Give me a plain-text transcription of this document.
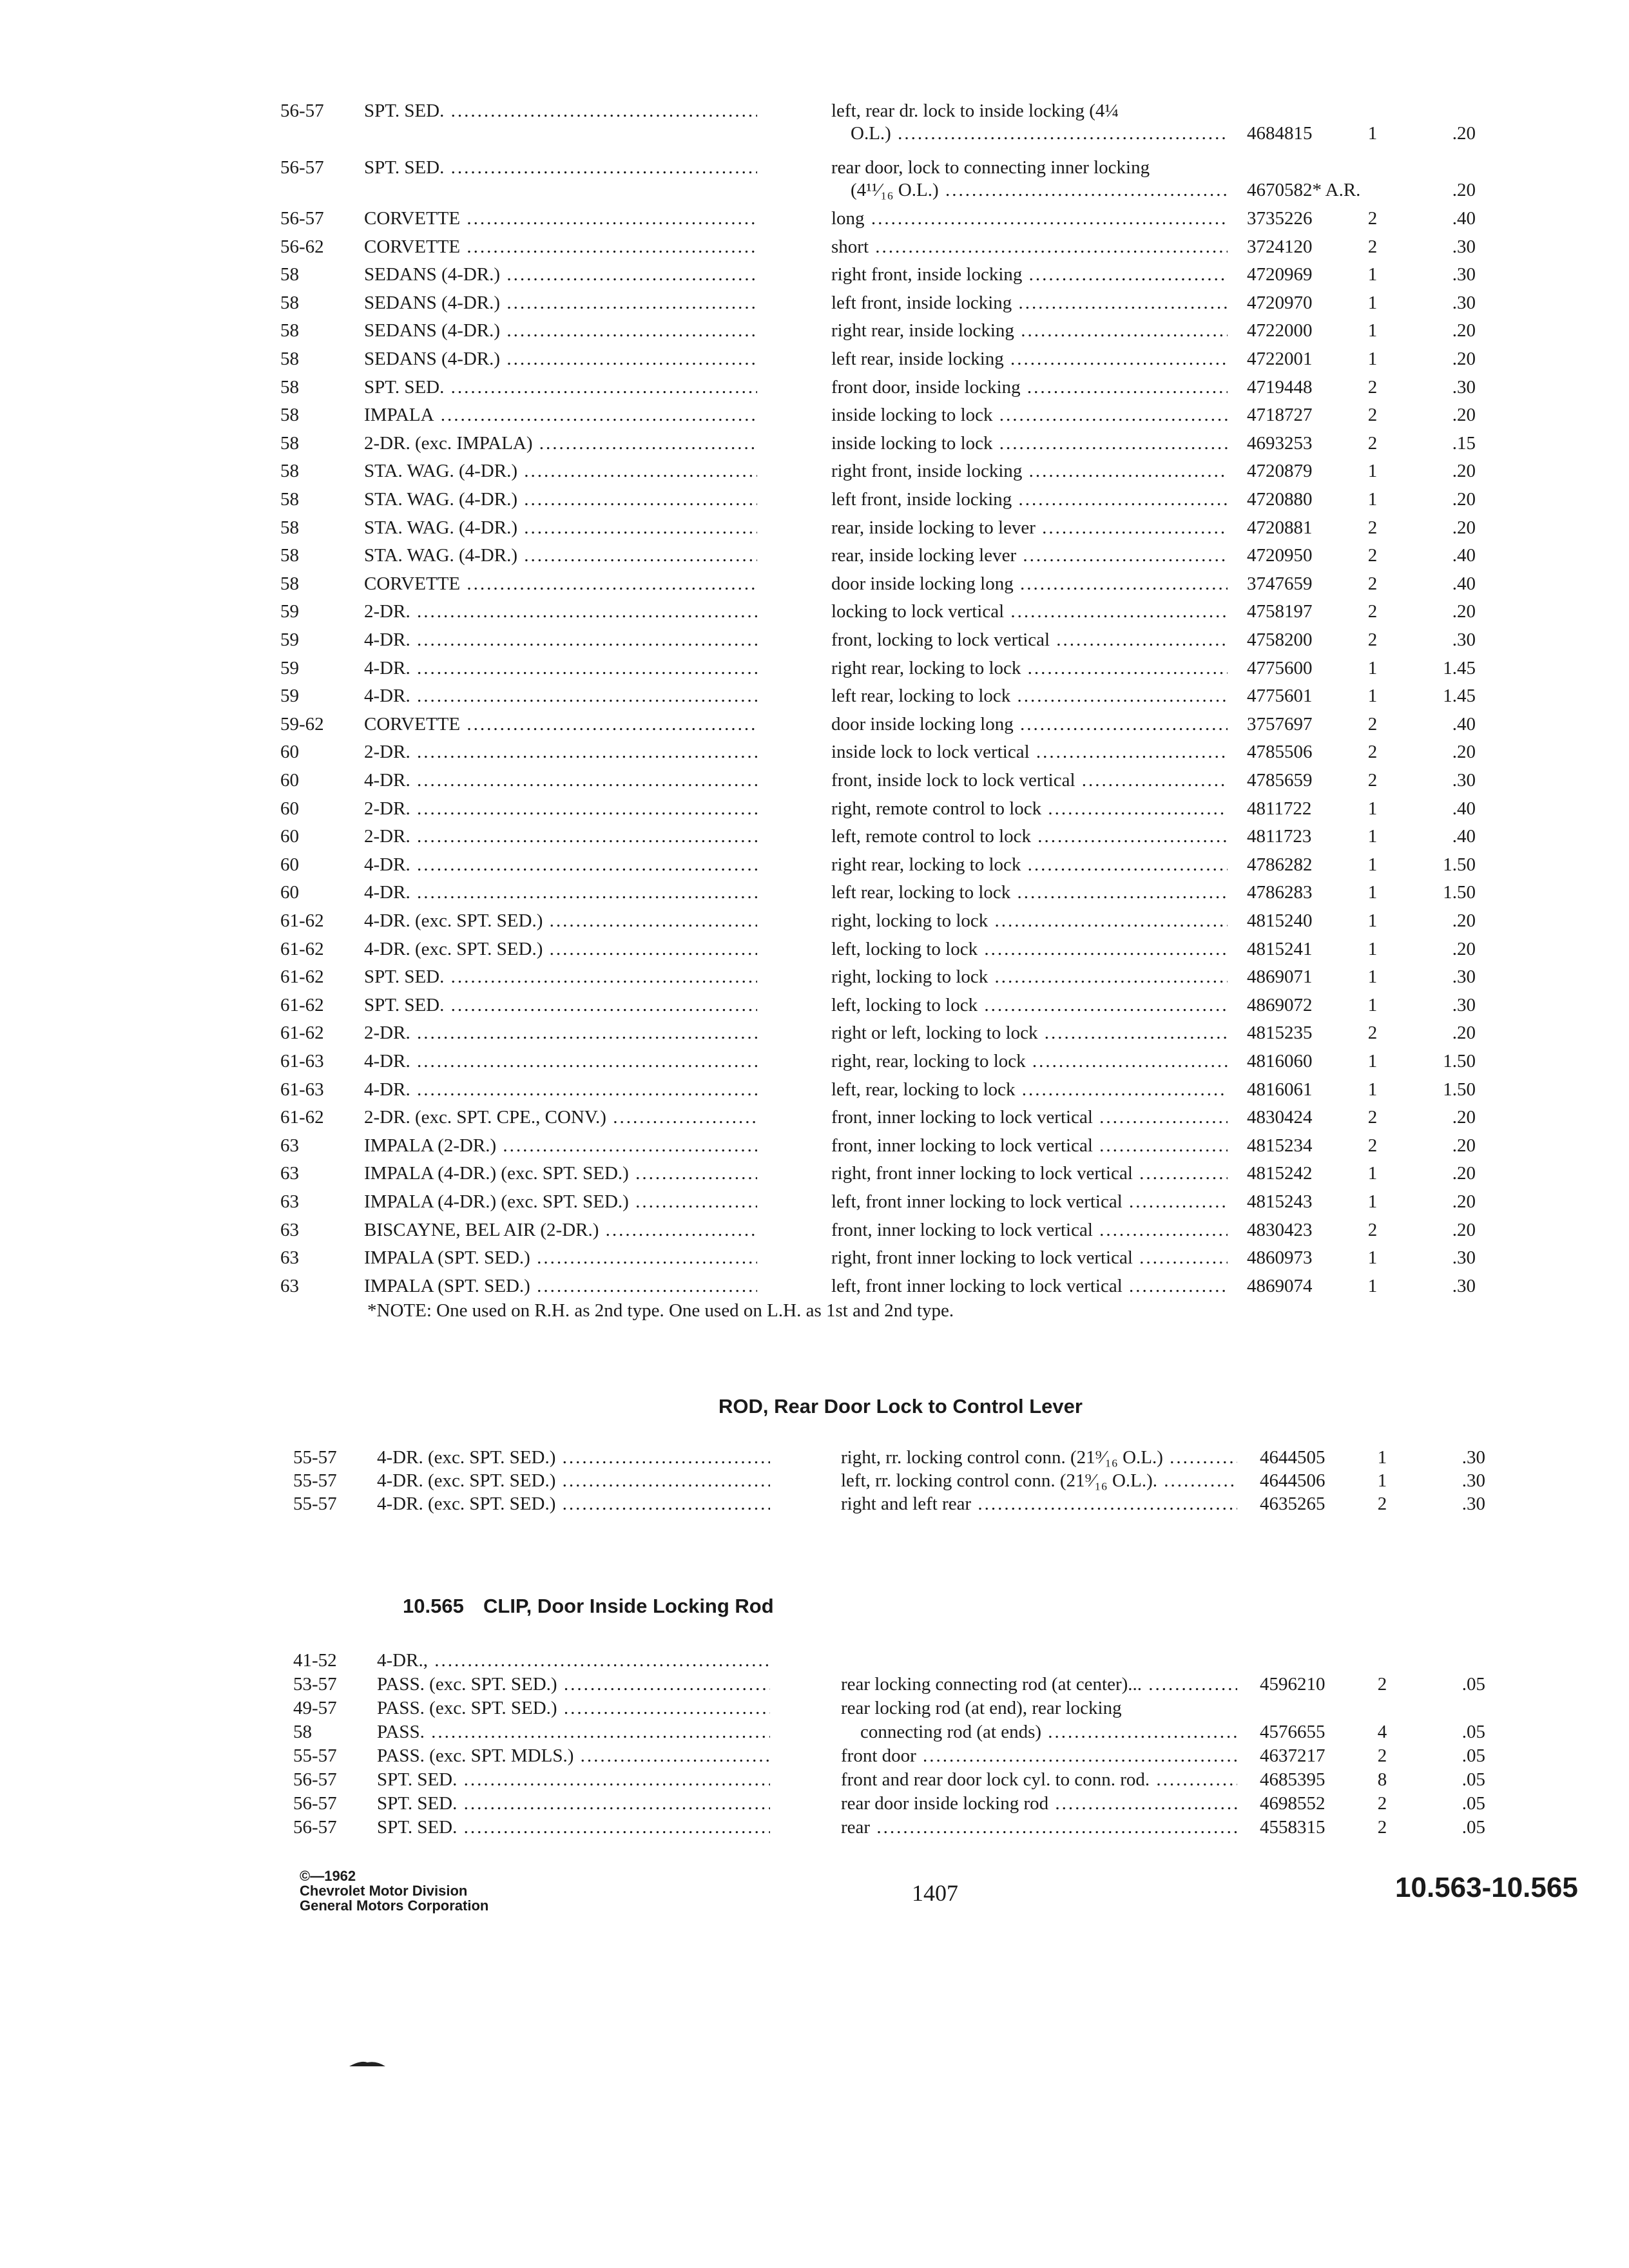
56-57	SPT. SED. .....	left, rear dr. lock to inside locking (4¼
O.L.) .....	4684815	1	.20
56-57	SPT. SED. .....	rear door, lock to connecting inner locking
(4¹¹⁄₁₆ O.L.) .....	4670582* A.R.	.20
56-57	CORVETTE .....	long .....	3735226	2	.40
56-62	CORVETTE .....	short .....	3724120	2	.30
58	SEDANS (4-DR.) .....	right front, inside locking .....	4720969	1	.30
58	SEDANS (4-DR.) .....	left front, inside locking .....	4720970	1	.30
58	SEDANS (4-DR.) .....	right rear, inside locking .....	4722000	1	.20
58	SEDANS (4-DR.) .....	left rear, inside locking .....	4722001	1	.20
58	SPT. SED. .....	front door, inside locking .....	4719448	2	.30
58	IMPALA .....	inside locking to lock .....	4718727	2	.20
58	2-DR. (exc. IMPALA) .....	inside locking to lock .....	4693253	2	.15
58	STA. WAG. (4-DR.) .....	right front, inside locking .....	4720879	1	.20
58	STA. WAG. (4-DR.) .....	left front, inside locking .....	4720880	1	.20
58	STA. WAG. (4-DR.) .....	rear, inside locking to lever .....	4720881	2	.20
58	STA. WAG. (4-DR.) .....	rear, inside locking lever .....	4720950	2	.40
58	CORVETTE .....	door inside locking long .....	3747659	2	.40
59	2-DR. .....	locking to lock vertical .....	4758197	2	.20
59	4-DR. .....	front, locking to lock vertical .....	4758200	2	.30
59	4-DR. .....	right rear, locking to lock .....	4775600	1	1.45
59	4-DR. .....	left rear, locking to lock .....	4775601	1	1.45
59-62	CORVETTE .....	door inside locking long .....	3757697	2	.40
60	2-DR. .....	inside lock to lock vertical .....	4785506	2	.20
60	4-DR. .....	front, inside lock to lock vertical .....	4785659	2	.30
60	2-DR. .....	right, remote control to lock .....	4811722	1	.40
60	2-DR. .....	left, remote control to lock .....	4811723	1	.40
60	4-DR. .....	right rear, locking to lock .....	4786282	1	1.50
60	4-DR. .....	left rear, locking to lock .....	4786283	1	1.50
61-62	4-DR. (exc. SPT. SED.) .....	right, locking to lock .....	4815240	1	.20
61-62	4-DR. (exc. SPT. SED.) .....	left, locking to lock .....	4815241	1	.20
61-62	SPT. SED. .....	right, locking to lock .....	4869071	1	.30
61-62	SPT. SED. .....	left, locking to lock .....	4869072	1	.30
61-62	2-DR. .....	right or left, locking to lock .....	4815235	2	.20
61-63	4-DR. .....	right, rear, locking to lock .....	4816060	1	1.50
61-63	4-DR. .....	left, rear, locking to lock .....	4816061	1	1.50
61-62	2-DR. (exc. SPT. CPE., CONV.) .....	front, inner locking to lock vertical .....	4830424	2	.20
63	IMPALA (2-DR.) .....	front, inner locking to lock vertical .....	4815234	2	.20
63	IMPALA (4-DR.) (exc. SPT. SED.) .....	right, front inner locking to lock vertical .....	4815242	1	.20
63	IMPALA (4-DR.) (exc. SPT. SED.) .....	left, front inner locking to lock vertical .....	4815243	1	.20
63	BISCAYNE, BEL AIR (2-DR.) .....	front, inner locking to lock vertical .....	4830423	2	.20
63	IMPALA (SPT. SED.) .....	right, front inner locking to lock vertical .....	4860973	1	.30
63	IMPALA (SPT. SED.) .....	left, front inner locking to lock vertical .....	4869074	1	.30
*NOTE: One used on R.H. as 2nd type. One used on L.H. as 1st and 2nd type.
ROD, Rear Door Lock to Control Lever
55-57	4-DR. (exc. SPT. SED.) .....	right, rr. locking control conn. (21⁹⁄₁₆ O.L.) .....	4644505	1	.30
55-57	4-DR. (exc. SPT. SED.) .....	left, rr. locking control conn. (21⁹⁄₁₆ O.L.). .....	4644506	1	.30
55-57	4-DR. (exc. SPT. SED.) .....	right and left rear .....	4635265	2	.30
10.565 CLIP, Door Inside Locking Rod
41-52	4-DR., .....
53-57	PASS. (exc. SPT. SED.) .....	rear locking connecting rod (at center)... .....	4596210	2	.05
49-57	PASS. (exc. SPT. SED.) .....	rear locking rod (at end), rear locking
58	PASS. .....	connecting rod (at ends) .....	4576655	4	.05
55-57	PASS. (exc. SPT. MDLS.) .....	front door .....	4637217	2	.05
56-57	SPT. SED. .....	front and rear door lock cyl. to conn. rod. .....	4685395	8	.05
56-57	SPT. SED. .....	rear door inside locking rod .....	4698552	2	.05
56-57	SPT. SED. .....	rear .....	4558315	2	.05
©—1962
Chevrolet Motor Division
General Motors Corporation	1407	10.563-10.565
